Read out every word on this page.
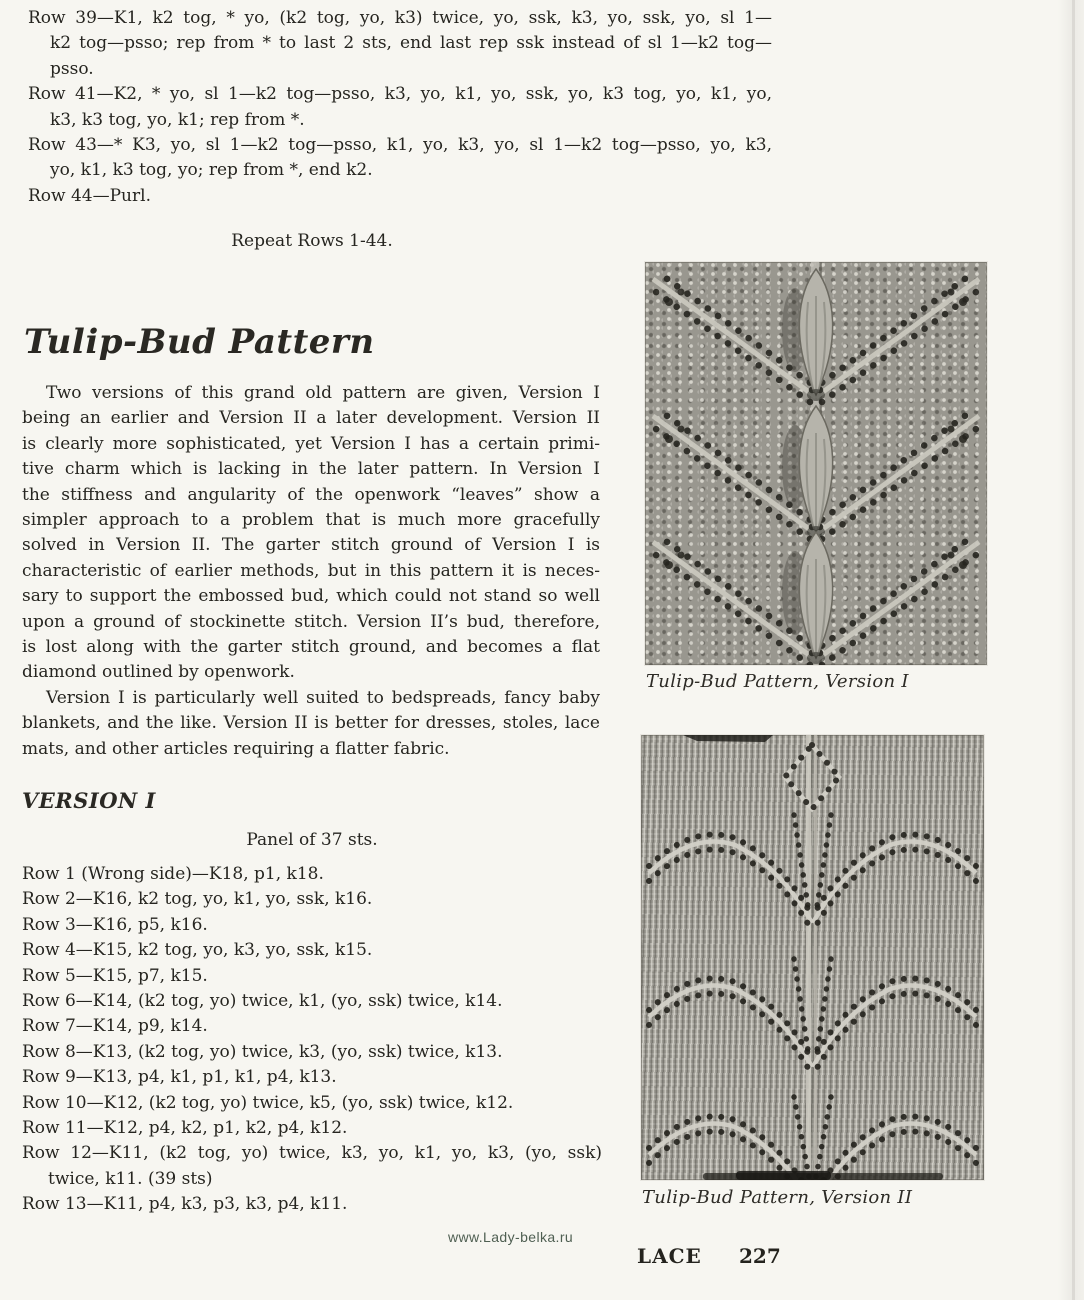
Row 39—K1, k2 tog, * yo, (k2 tog, yo, k3) twice, yo, ssk, k3, yo, ssk, yo, sl 1—
k2 tog—psso; rep from * to last 2 sts, end last rep ssk instead of sl 1—k2 tog—
psso.
Row 41—K2, * yo, sl 1—k2 tog—psso, k3, yo, k1, yo, ssk, yo, k3 tog, yo, k1, yo,
k3, k3 tog, yo, k1; rep from *.
Row 43—* K3, yo, sl 1—k2 tog—psso, k1, yo, k3, yo, sl 1—k2 tog—psso, yo, k3,
yo, k1, k3 tog, yo; rep from *, end k2.
Row 44—Purl.
Repeat Rows 1-44.
Tulip-Bud Pattern
Two versions of this grand old pattern are given, Version I
being an earlier and Version II a later development. Version II
is clearly more sophisticated, yet Version I has a certain primi-
tive charm which is lacking in the later pattern. In Version I
the stiffness and angularity of the openwork “leaves” show a
simpler approach to a problem that is much more gracefully
solved in Version II. The garter stitch ground of Version I is
characteristic of earlier methods, but in this pattern it is neces-
sary to support the embossed bud, which could not stand so well
upon a ground of stockinette stitch. Version II’s bud, therefore,
is lost along with the garter stitch ground, and becomes a flat
diamond outlined by openwork.
Version I is particularly well suited to bedspreads, fancy baby
blankets, and the like. Version II is better for dresses, stoles, lace
mats, and other articles requiring a flatter fabric.
VERSION I
Panel of 37 sts.
Row 1 (Wrong side)—K18, p1, k18.
Row 2—K16, k2 tog, yo, k1, yo, ssk, k16.
Row 3—K16, p5, k16.
Row 4—K15, k2 tog, yo, k3, yo, ssk, k15.
Row 5—K15, p7, k15.
Row 6—K14, (k2 tog, yo) twice, k1, (yo, ssk) twice, k14.
Row 7—K14, p9, k14.
Row 8—K13, (k2 tog, yo) twice, k3, (yo, ssk) twice, k13.
Row 9—K13, p4, k1, p1, k1, p4, k13.
Row 10—K12, (k2 tog, yo) twice, k5, (yo, ssk) twice, k12.
Row 11—K12, p4, k2, p1, k2, p4, k12.
Row 12—K11, (k2 tog, yo) twice, k3, yo, k1, yo, k3, (yo, ssk)
twice, k11. (39 sts)
Row 13—K11, p4, k3, p3, k3, p4, k11.
Tulip-Bud Pattern, Version I
Tulip-Bud Pattern, Version II
www.Lady-belka.ru
LACE 227
